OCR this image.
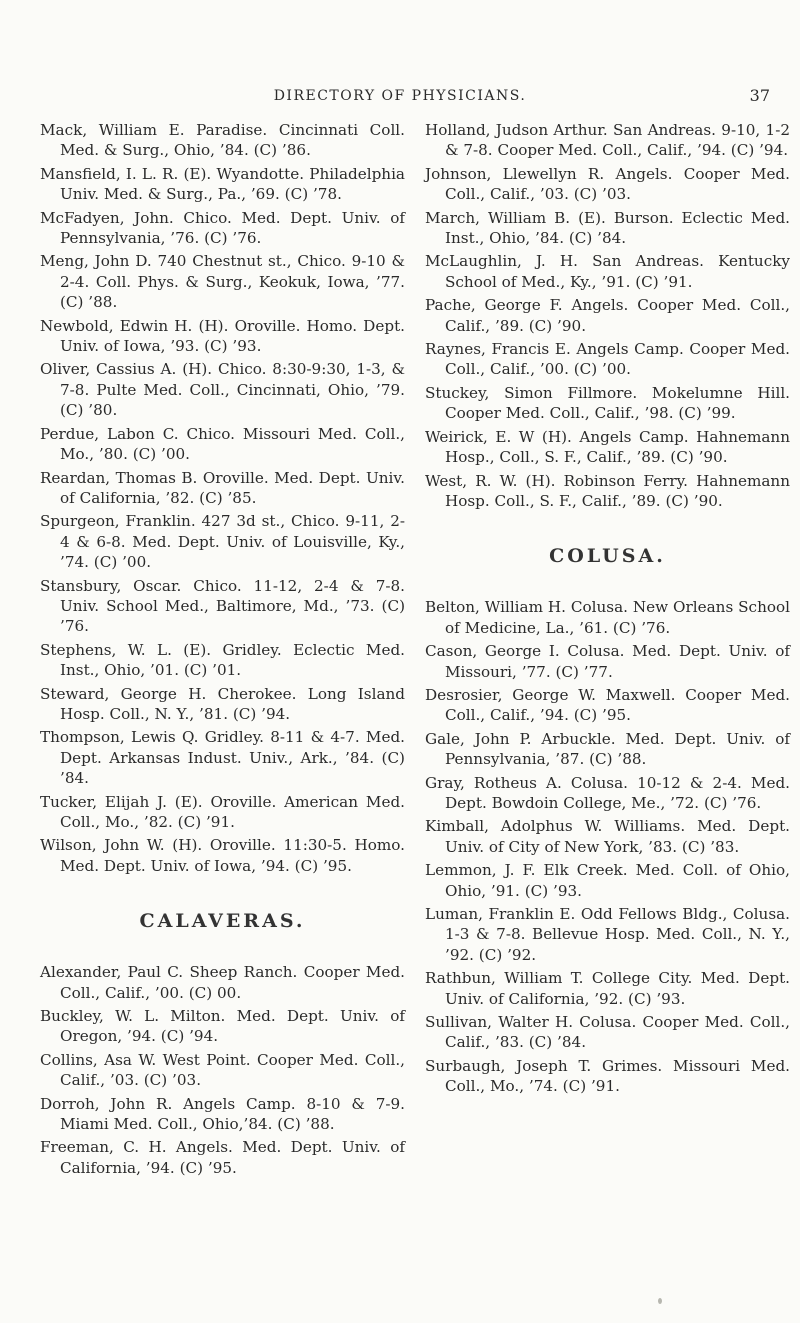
DIRECTORY OF PHYSICIANS.	37

Mack, William E. Paradise. Cincinnati Coll. Med. & Surg., Ohio, ’84. (C) ’86.

Mansfield, I. L. R. (E). Wyandotte. Philadelphia Univ. Med. & Surg., Pa., ’69. (C) ’78.

McFadyen, John. Chico. Med. Dept. Univ. of Pennsylvania, ’76. (C) ’76.

Meng, John D. 740 Chestnut st., Chico. 9-10 & 2-4. Coll. Phys. & Surg., Keokuk, Iowa, ’77. (C) ’88.

Newbold, Edwin H. (H). Oroville. Homo. Dept. Univ. of Iowa, ’93. (C) ’93.

Oliver, Cassius A. (H). Chico. 8:30-9:30, 1-3, & 7-8. Pulte Med. Coll., Cincinnati, Ohio, ’79. (C) ’80.

Perdue, Labon C. Chico. Missouri Med. Coll., Mo., ’80. (C) ’00.

Reardan, Thomas B. Oroville. Med. Dept. Univ. of California, ’82. (C) ’85.

Spurgeon, Franklin. 427 3d st., Chico. 9-11, 2-4 & 6-8. Med. Dept. Univ. of Louisville, Ky., ’74. (C) ’00.

Stansbury, Oscar. Chico. 11-12, 2-4 & 7-8. Univ. School Med., Baltimore, Md., ’73. (C) ’76.

Stephens, W. L. (E). Gridley. Eclectic Med. Inst., Ohio, ’01. (C) ’01.

Steward, George H. Cherokee. Long Island Hosp. Coll., N. Y., ’81. (C) ’94.

Thompson, Lewis Q. Gridley. 8-11 & 4-7. Med. Dept. Arkansas Indust. Univ., Ark., ’84. (C) ’84.

Tucker, Elijah J. (E). Oroville. American Med. Coll., Mo., ’82. (C) ’91.

Wilson, John W. (H). Oroville. 11:30-5. Homo. Med. Dept. Univ. of Iowa, ’94. (C) ’95.

CALAVERAS.

Alexander, Paul C. Sheep Ranch. Cooper Med. Coll., Calif., ’00. (C) 00.

Buckley, W. L. Milton. Med. Dept. Univ. of Oregon, ’94. (C) ’94.

Collins, Asa W. West Point. Cooper Med. Coll., Calif., ’03. (C) ’03.

Dorroh, John R. Angels Camp. 8-10 & 7-9. Miami Med. Coll., Ohio,’84. (C) ’88.

Freeman, C. H. Angels. Med. Dept. Univ. of California, ’94. (C) ’95.

Holland, Judson Arthur. San Andreas. 9-10, 1-2 & 7-8. Cooper Med. Coll., Calif., ’94. (C) ’94.

Johnson, Llewellyn R. Angels. Cooper Med. Coll., Calif., ’03. (C) ’03.

March, William B. (E). Burson. Eclectic Med. Inst., Ohio, ’84. (C) ’84.

McLaughlin, J. H. San Andreas. Kentucky School of Med., Ky., ’91. (C) ’91.

Pache, George F. Angels. Cooper Med. Coll., Calif., ’89. (C) ’90.

Raynes, Francis E. Angels Camp. Cooper Med. Coll., Calif., ’00. (C) ’00.

Stuckey, Simon Fillmore. Mokelumne Hill. Cooper Med. Coll., Calif., ’98. (C) ’99.

Weirick, E. W (H). Angels Camp. Hahnemann Hosp., Coll., S. F., Calif., ’89. (C) ’90.

West, R. W. (H). Robinson Ferry. Hahnemann Hosp. Coll., S. F., Calif., ’89. (C) ’90.

COLUSA.

Belton, William H. Colusa. New Orleans School of Medicine, La., ’61. (C) ’76.

Cason, George I. Colusa. Med. Dept. Univ. of Missouri, ’77. (C) ’77.

Desrosier, George W. Maxwell. Cooper Med. Coll., Calif., ’94. (C) ’95.

Gale, John P. Arbuckle. Med. Dept. Univ. of Pennsylvania, ’87. (C) ’88.

Gray, Rotheus A. Colusa. 10-12 & 2-4. Med. Dept. Bowdoin College, Me., ’72. (C) ’76.

Kimball, Adolphus W. Williams. Med. Dept. Univ. of City of New York, ’83. (C) ’83.

Lemmon, J. F. Elk Creek. Med. Coll. of Ohio, Ohio, ’91. (C) ’93.

Luman, Franklin E. Odd Fellows Bldg., Colusa. 1-3 & 7-8. Bellevue Hosp. Med. Coll., N. Y., ’92. (C) ’92.

Rathbun, William T. College City. Med. Dept. Univ. of California, ’92. (C) ’93.

Sullivan, Walter H. Colusa. Cooper Med. Coll., Calif., ’83. (C) ’84.

Surbaugh, Joseph T. Grimes. Missouri Med. Coll., Mo., ’74. (C) ’91.
